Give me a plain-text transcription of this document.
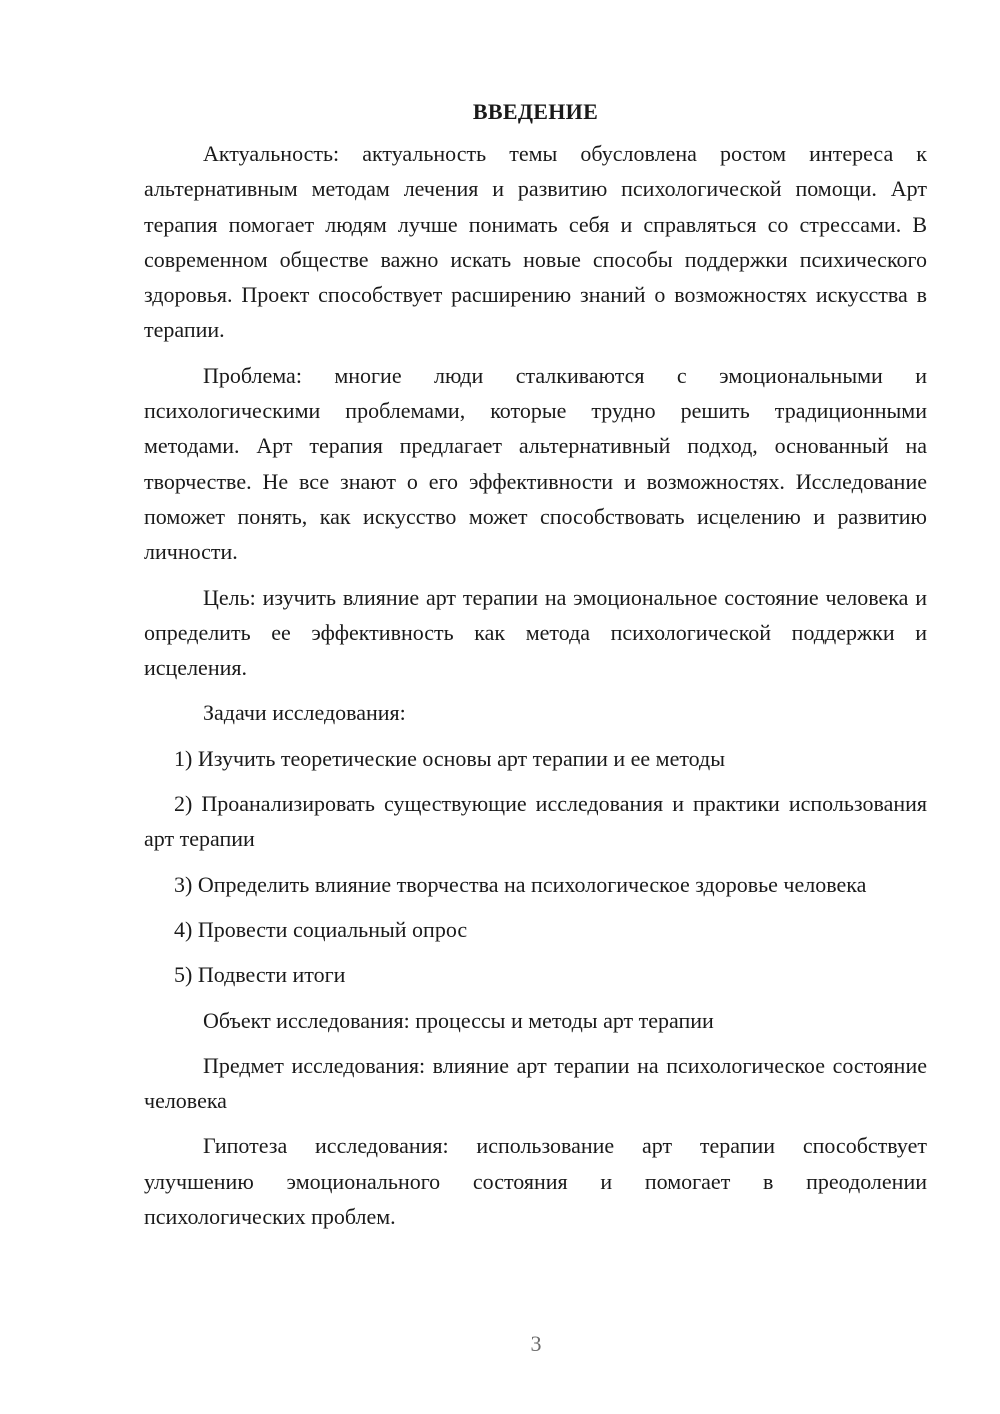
ВВЕДЕНИЕ

Актуальность: актуальность темы обусловлена ростом интереса к альтернативным методам лечения и развитию психологической помощи. Арт терапия помогает людям лучше понимать себя и справляться со стрессами. В современном обществе важно искать новые способы поддержки психического здоровья. Проект способствует расширению знаний о возможностях искусства в терапии.

Проблема: многие люди сталкиваются с эмоциональными и психологическими проблемами, которые трудно решить традиционными методами. Арт терапия предлагает альтернативный подход, основанный на творчестве. Не все знают о его эффективности и возможностях. Исследование поможет понять, как искусство может способствовать исцелению и развитию личности.

Цель: изучить влияние арт терапии на эмоциональное состояние человека и определить ее эффективность как метода психологической поддержки и исцеления.

Задачи исследования:

1) Изучить теоретические основы арт терапии и ее методы

2) Проанализировать существующие исследования и практики использования арт терапии

3) Определить влияние творчества на психологическое здоровье человека

4) Провести социальный опрос

5) Подвести итоги

Объект исследования: процессы и методы арт терапии

Предмет исследования: влияние арт терапии на психологическое состояние человека

Гипотеза исследования: использование арт терапии способствует улучшению эмоционального состояния и помогает в преодолении психологических проблем.

3
